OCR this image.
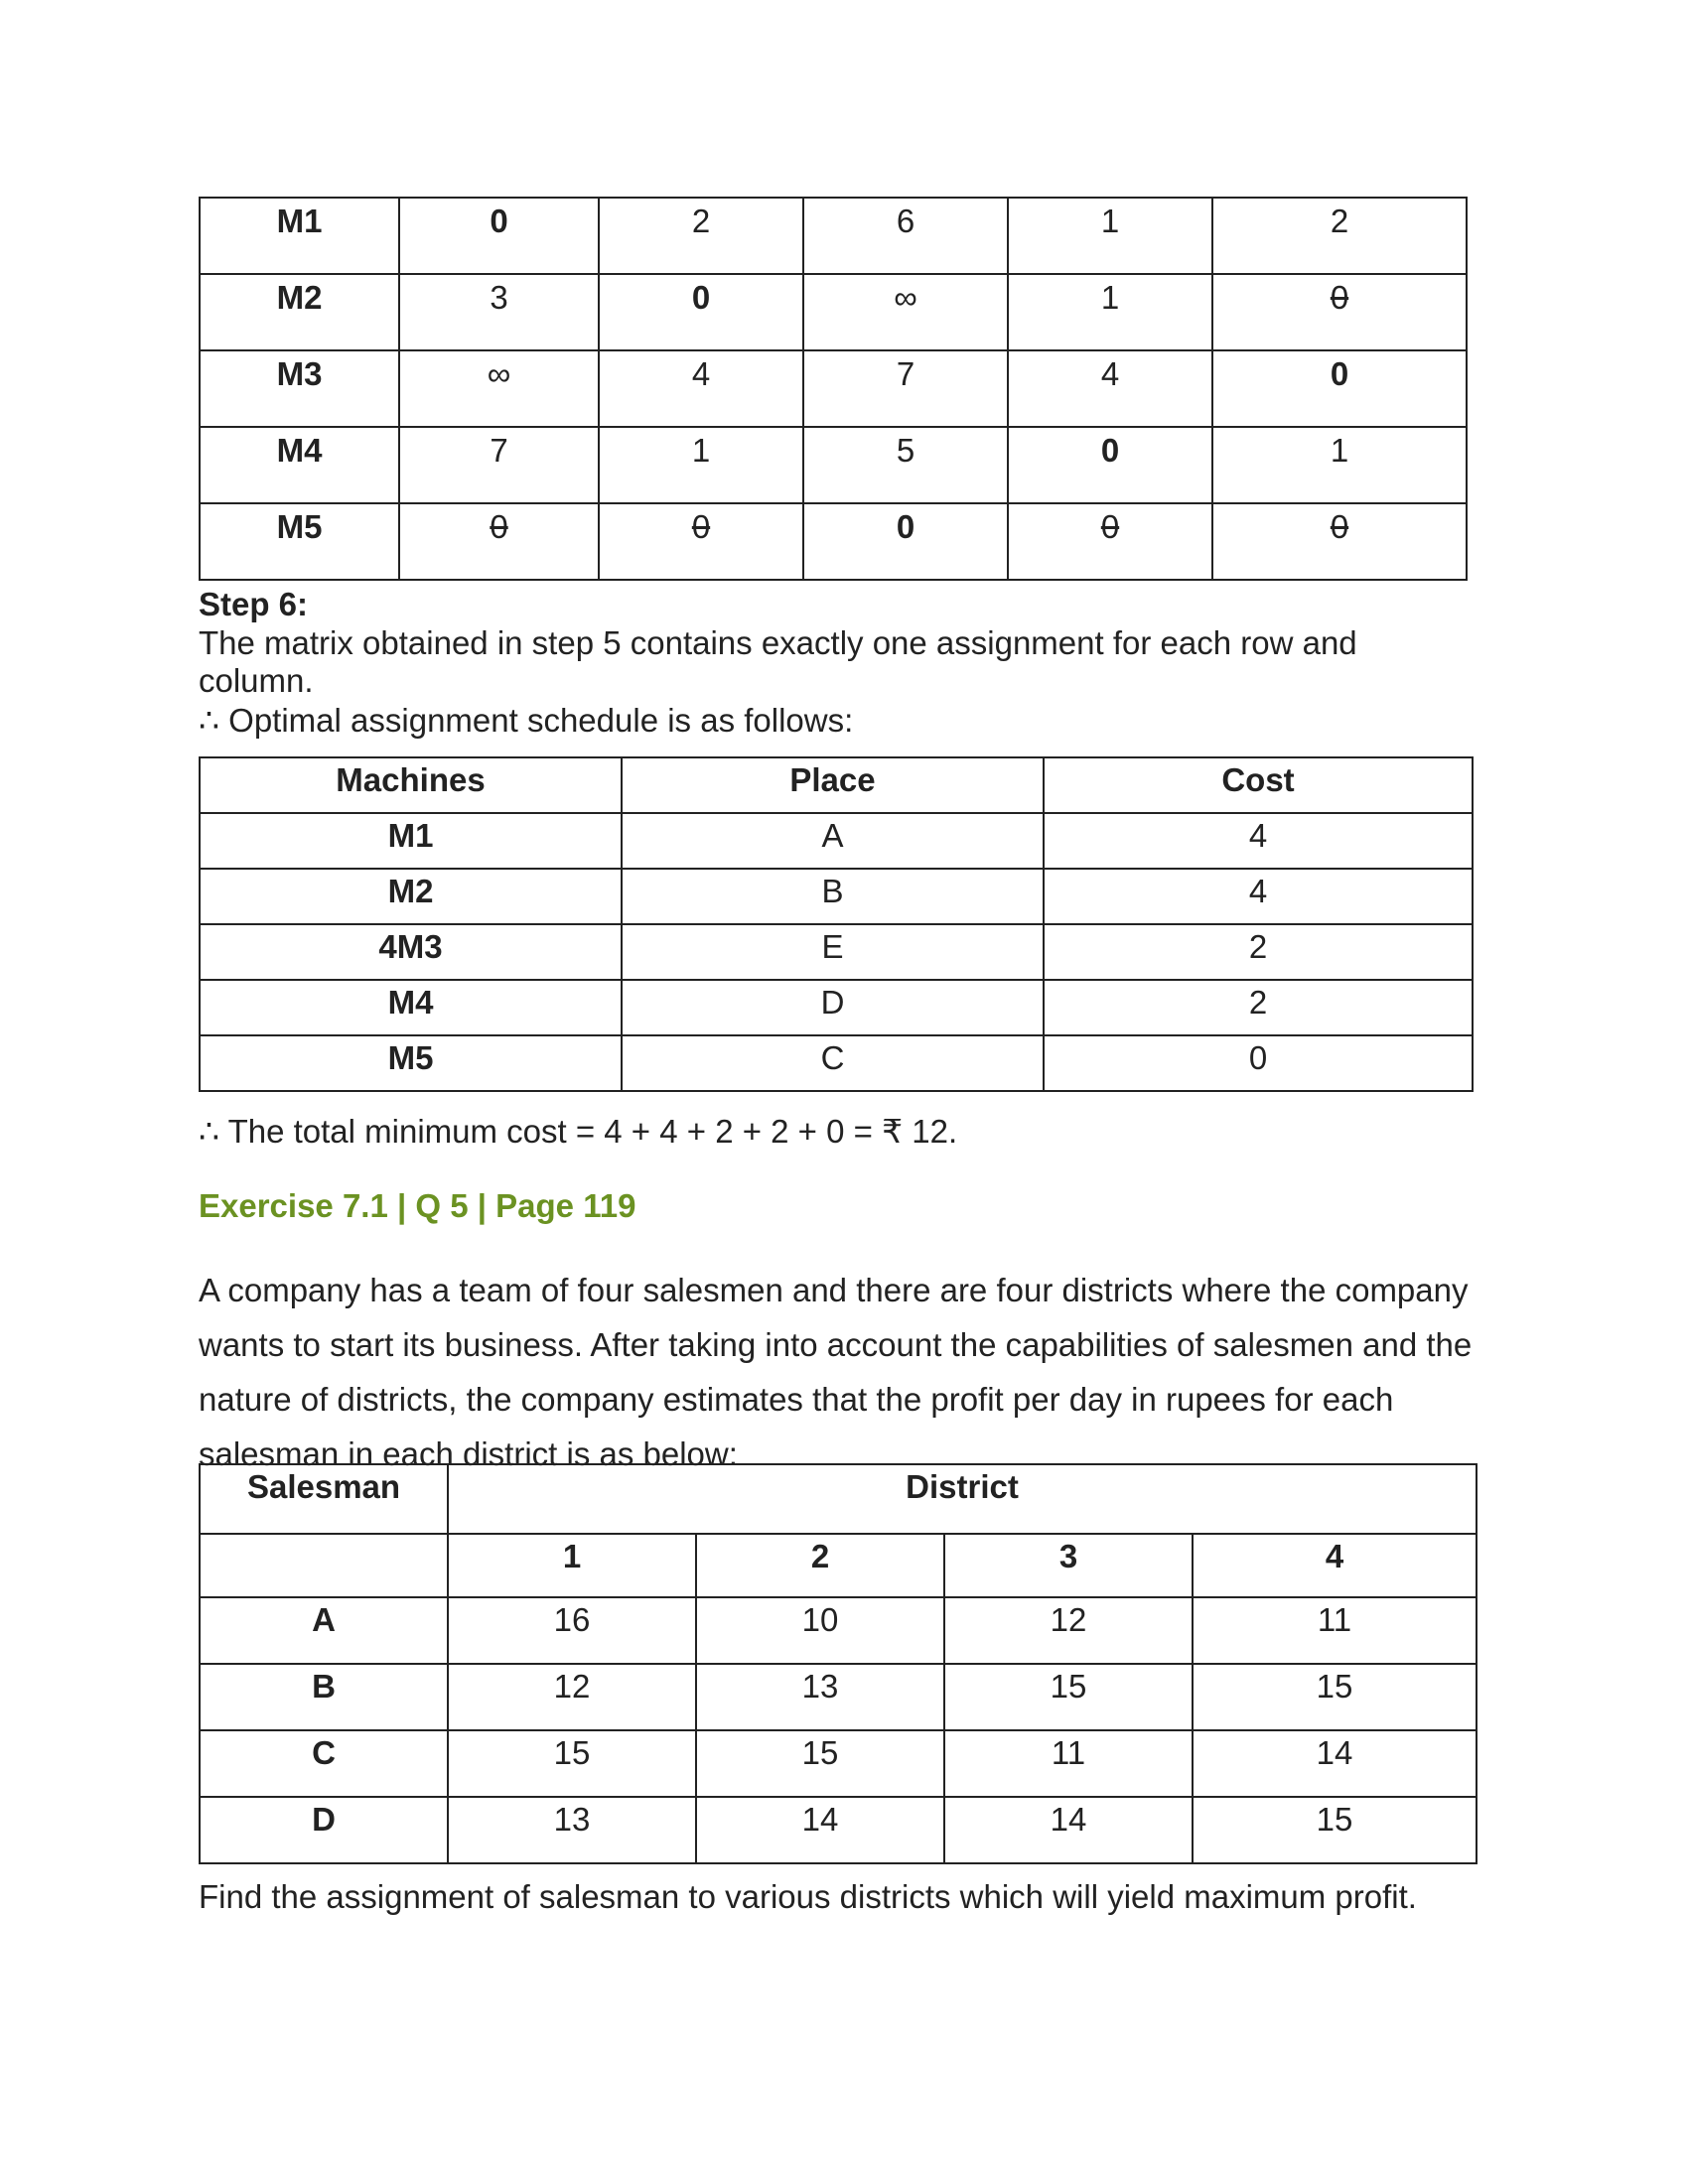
M1	0	2	6	1	2
M2	3	0	∞	1	0
M3	∞	4	7	4	0
M4	7	1	5	0	1
M5	0	0	0	0	0
Step 6:
The matrix obtained in step 5 contains exactly one assignment for each row and column.
∴ Optimal assignment schedule is as follows:
Machines	Place	Cost
M1	A	4
M2	B	4
4M3	E	2
M4	D	2
M5	C	0
∴ The total minimum cost = 4 + 4 + 2 + 2 + 0 = ₹ 12.
Exercise 7.1 | Q 5 | Page 119
A company has a team of four salesmen and there are four districts where the company wants to start its business. After taking into account the capabilities of salesmen and the nature of districts, the company estimates that the profit per day in rupees for each salesman in each district is as below:
Salesman	District			
	1	2	3	4
A	16	10	12	11
B	12	13	15	15
C	15	15	11	14
D	13	14	14	15
Find the assignment of salesman to various districts which will yield maximum profit.
